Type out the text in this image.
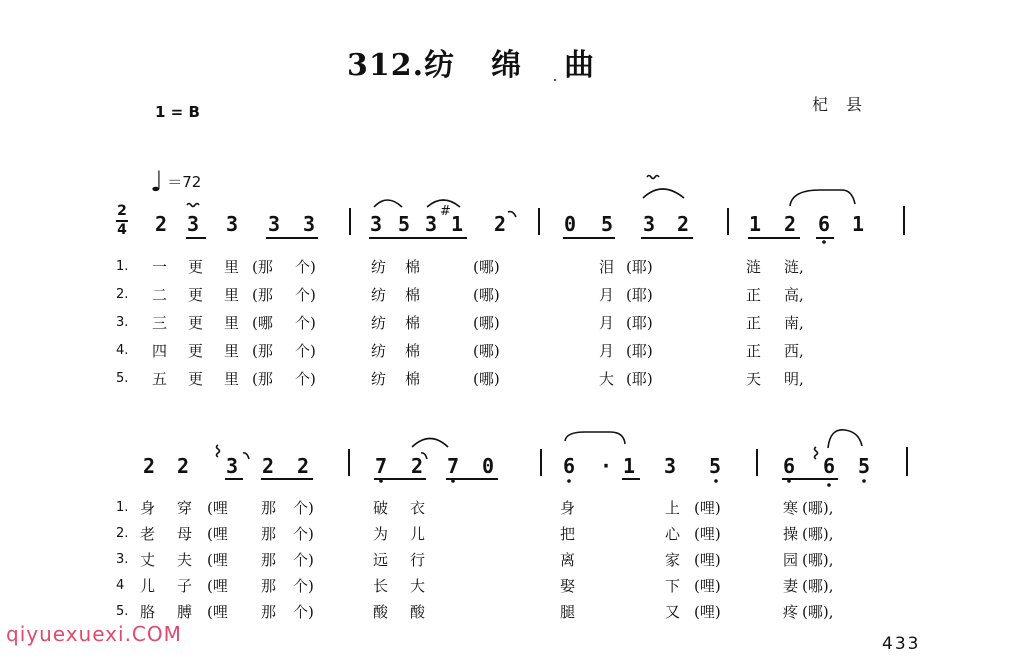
312.纺 绵 曲
1 = B	杞县
♩ ＝72
2
4 2 3 3 3 3	3 5 3
#
1 2	0 5 3 2	1 2 6 1
1. 一 更 里 (那 个)	纺 棉	(哪)	泪 (耶)	涟 涟,
2. 二 更 里 (那 个)	纺 棉	(哪)	月 (耶)	正 高,
3. 三 更 里 (哪 个)	纺 棉	(哪)	月 (耶)	正 南,
4. 四 更 里 (那 个)	纺 棉	(哪)	月 (耶)	正 西,
5. 五 更 里 (那 个)	纺 棉	(哪)	大 (耶)	天 明,
2 2 3 2 2	7 2 7 0	6 · 1 3 5	6 6 5
1. 身 穿 (哩 那 个)	破 衣	身	上 (哩)	寒 (哪),
2. 老 母 (哩 那 个)	为 儿	把	心 (哩)	操 (哪),
3. 丈 夫 (哩 那 个)	远 行	离	家 (哩)	园 (哪),
4 儿 子 (哩 那 个)	长 大	娶	下 (哩)	妻 (哪),
5. 胳 膊 (哩 那 个)	酸 酸	腿	又 (哩)	疼 (哪),
qiyuexuexi.COM	433
